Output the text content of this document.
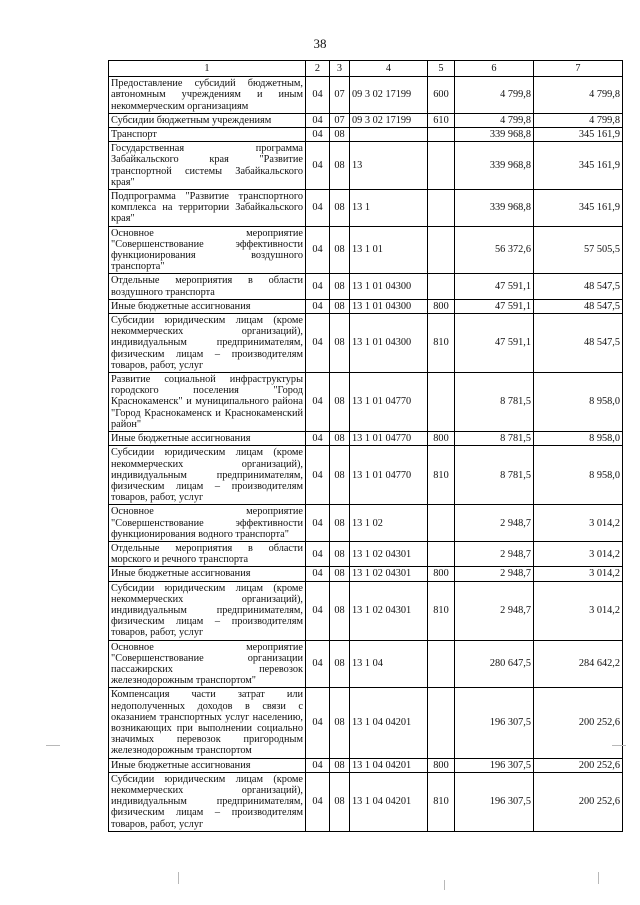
38
1	2	3	4	5	6	7
Предоставление субсидий бюджетным, автономным учреждениям и иным некоммерческим организациям	04	07	09 3 02 17199	600	4 799,8	4 799,8
Субсидии бюджетным учреждениям	04	07	09 3 02 17199	610	4 799,8	4 799,8
Транспорт	04	08			339 968,8	345 161,9
Государственная программа Забайкальского края "Развитие транспортной системы Забайкальского края"	04	08	13		339 968,8	345 161,9
Подпрограмма "Развитие транспортного комплекса на территории Забайкальского края"	04	08	13 1		339 968,8	345 161,9
Основное мероприятие "Совершенствование эффективности функционирования воздушного транспорта"	04	08	13 1 01		56 372,6	57 505,5
Отдельные мероприятия в области воздушного транспорта	04	08	13 1 01 04300		47 591,1	48 547,5
Иные бюджетные ассигнования	04	08	13 1 01 04300	800	47 591,1	48 547,5
Субсидии юридическим лицам (кроме некоммерческих организаций), индивидуальным предпринимателям, физическим лицам – производителям товаров, работ, услуг	04	08	13 1 01 04300	810	47 591,1	48 547,5
Развитие социальной инфраструктуры городского поселения "Город Краснокаменск" и муниципального района "Город Краснокаменск и Краснокаменский район"	04	08	13 1 01 04770		8 781,5	8 958,0
Иные бюджетные ассигнования	04	08	13 1 01 04770	800	8 781,5	8 958,0
Субсидии юридическим лицам (кроме некоммерческих организаций), индивидуальным предпринимателям, физическим лицам – производителям товаров, работ, услуг	04	08	13 1 01 04770	810	8 781,5	8 958,0
Основное мероприятие "Совершенствование эффективности функционирования водного транспорта"	04	08	13 1 02		2 948,7	3 014,2
Отдельные мероприятия в области морского и речного транспорта	04	08	13 1 02 04301		2 948,7	3 014,2
Иные бюджетные ассигнования	04	08	13 1 02 04301	800	2 948,7	3 014,2
Субсидии юридическим лицам (кроме некоммерческих организаций), индивидуальным предпринимателям, физическим лицам – производителям товаров, работ, услуг	04	08	13 1 02 04301	810	2 948,7	3 014,2
Основное мероприятие "Совершенствование организации пассажирских перевозок железнодорожным транспортом"	04	08	13 1 04		280 647,5	284 642,2
Компенсация части затрат или недополученных доходов в связи с оказанием транспортных услуг населению, возникающих при выполнении социально значимых перевозок пригородным железнодорожным транспортом	04	08	13 1 04 04201		196 307,5	200 252,6
Иные бюджетные ассигнования	04	08	13 1 04 04201	800	196 307,5	200 252,6
Субсидии юридическим лицам (кроме некоммерческих организаций), индивидуальным предпринимателям, физическим лицам – производителям товаров, работ, услуг	04	08	13 1 04 04201	810	196 307,5	200 252,6
